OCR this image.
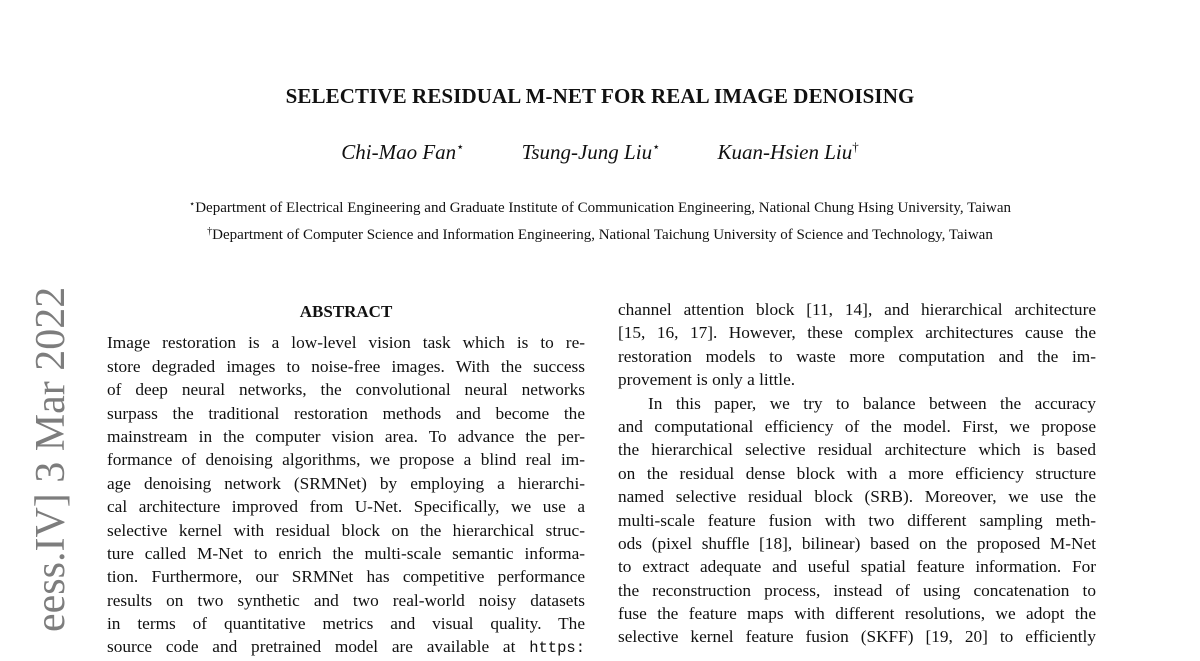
eess.IV] 3 Mar 2022
SELECTIVE RESIDUAL M-NET FOR REAL IMAGE DENOISING
Chi-Mao Fan⋆	Tsung-Jung Liu⋆	Kuan-Hsien Liu†
⋆Department of Electrical Engineering and Graduate Institute of Communication Engineering, National Chung Hsing University, Taiwan
†Department of Computer Science and Information Engineering, National Taichung University of Science and Technology, Taiwan
ABSTRACT
Image restoration is a low-level vision task which is to re-
store degraded images to noise-free images. With the success
of deep neural networks, the convolutional neural networks
surpass the traditional restoration methods and become the
mainstream in the computer vision area. To advance the per-
formance of denoising algorithms, we propose a blind real im-
age denoising network (SRMNet) by employing a hierarchi-
cal architecture improved from U-Net. Specifically, we use a
selective kernel with residual block on the hierarchical struc-
ture called M-Net to enrich the multi-scale semantic informa-
tion. Furthermore, our SRMNet has competitive performance
results on two synthetic and two real-world noisy datasets
in terms of quantitative metrics and visual quality. The
source code and pretrained model are available at https:
channel attention block [11, 14], and hierarchical architecture
[15, 16, 17]. However, these complex architectures cause the
restoration models to waste more computation and the im-
provement is only a little.
In this paper, we try to balance between the accuracy
and computational efficiency of the model. First, we propose
the hierarchical selective residual architecture which is based
on the residual dense block with a more efficiency structure
named selective residual block (SRB). Moreover, we use the
multi-scale feature fusion with two different sampling meth-
ods (pixel shuffle [18], bilinear) based on the proposed M-Net
to extract adequate and useful spatial feature information. For
the reconstruction process, instead of using concatenation to
fuse the feature maps with different resolutions, we adopt the
selective kernel feature fusion (SKFF) [19, 20] to efficiently
